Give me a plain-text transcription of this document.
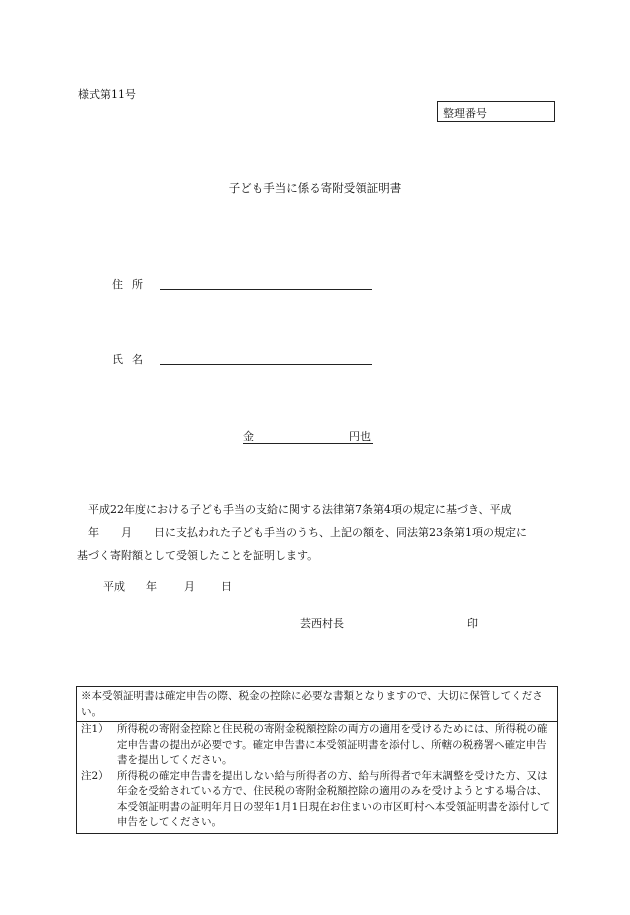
様式第11号
整理番号
子ども手当に係る寄附受領証明書
住所
氏名
金	円也

平成22年度における子ども手当の支給に関する法律第7条第4項の規定に基づき、平成

年　　月　　日に支払われた子ども手当のうち、上記の額を、同法第23条第1項の規定に

基づく寄附額として受領したことを証明します。

平成 年 月 日
芸西村長	印
※本受領証明書は確定申告の際、税金の控除に必要な書類となりますので、大切に保管してください。
注1） 所得税の寄附金控除と住民税の寄附金税額控除の両方の適用を受けるためには、所得税の確定申告書の提出が必要です。確定申告書に本受領証明書を添付し、所轄の税務署へ確定申告書を提出してください。
注2） 所得税の確定申告書を提出しない給与所得者の方、給与所得者で年末調整を受けた方、又は年金を受給されている方で、住民税の寄附金税額控除の適用のみを受けようとする場合は、本受領証明書の証明年月日の翌年1月1日現在お住まいの市区町村へ本受領証明書を添付して申告をしてください。
